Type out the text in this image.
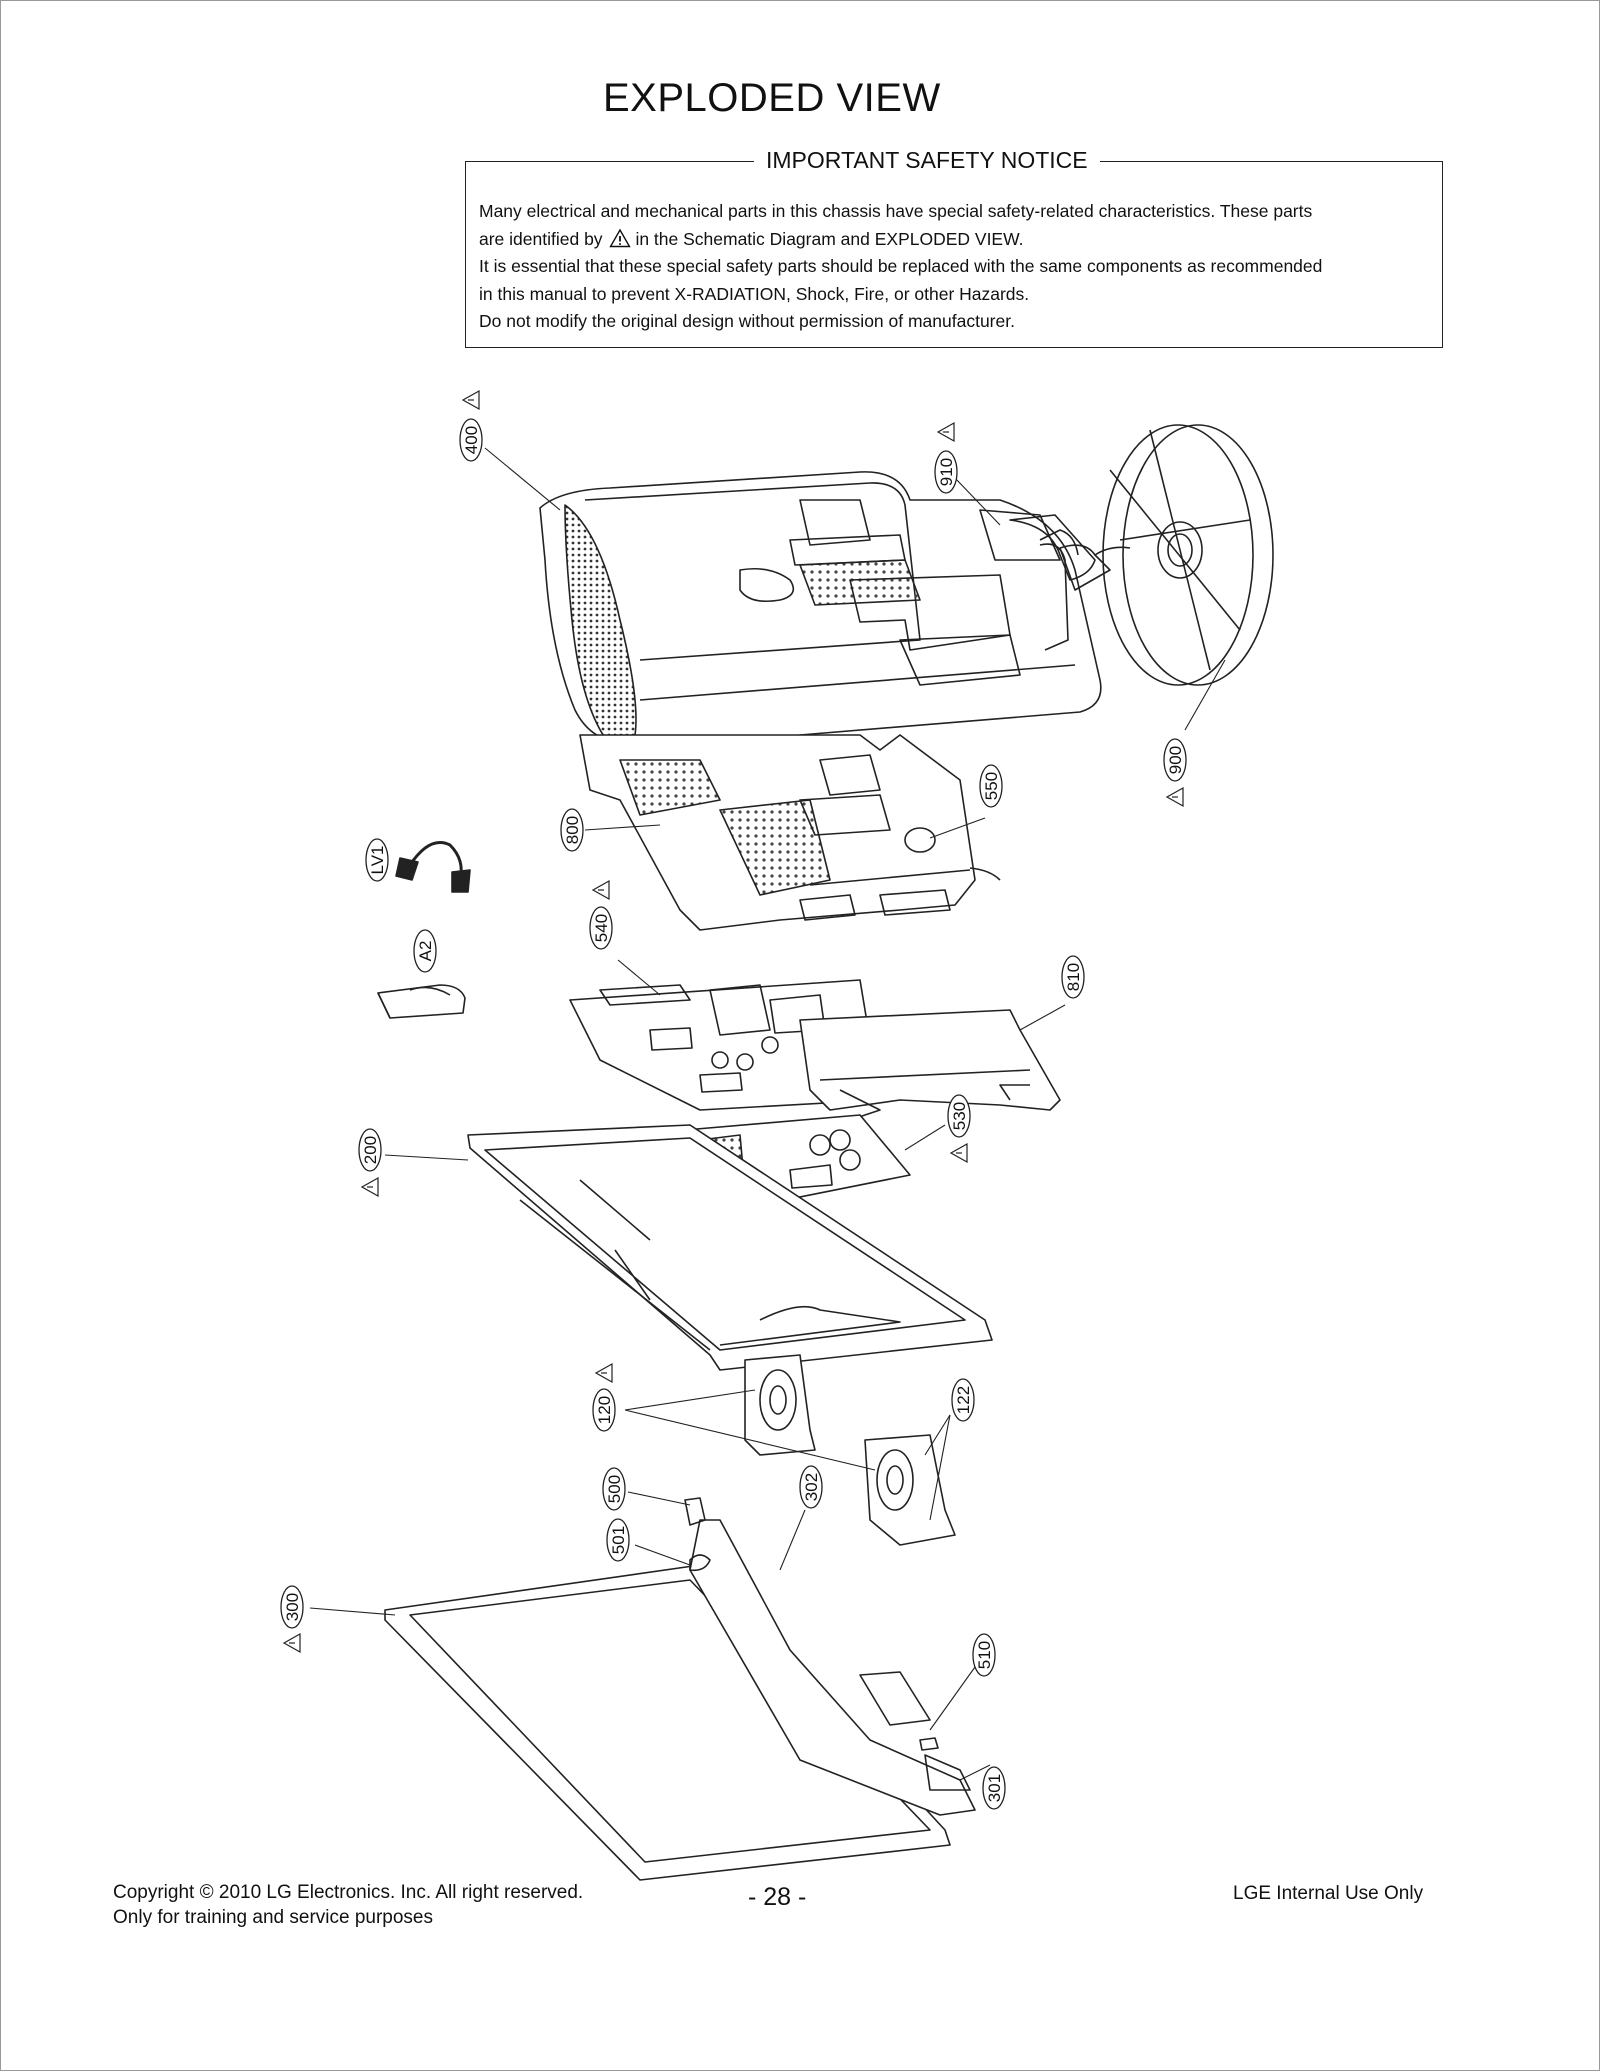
EXPLODED VIEW
IMPORTANT SAFETY NOTICE
Many electrical and mechanical parts in this chassis have special safety-related characteristics. These parts
are identified by in the Schematic Diagram and EXPLODED VIEW.
It is essential that these special safety parts should be replaced with the same components as recommended
in this manual to prevent X-RADIATION, Shock, Fire, or other Hazards.
Do not modify the original design without permission of manufacturer.
400
910
900
800
550
LV1
540
A2
810
200
530
120	122
500	302
501
300
510
301
Copyright © 2010 LG Electronics. Inc. All right reserved.
Only for training and service purposes
- 28 -	LGE Internal Use Only
